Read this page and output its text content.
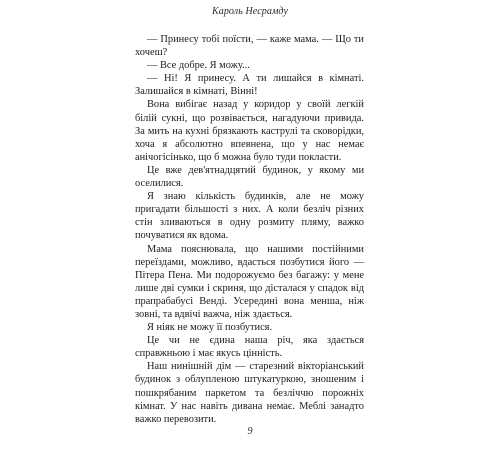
Кароль Несрамду

— Принесу тобі поїсти, — каже мама. — Що ти хочеш?

— Все добре. Я можу...

— Ні! Я принесу. А ти лишайся в кімнаті. Залишайся в кімнаті, Вінні!

Вона вибігає назад у коридор у своїй легкій білій сукні, що розвівається, нагадуючи привида. За мить на кухні брязкають каструлі та сковорідки, хоча я абсолютно впевнена, що у нас немає анічогісінько, що б можна було туди покласти.

Це вже дев'ятнадцятий будинок, у якому ми оселилися.

Я знаю кількість будинків, але не можу пригадати більшості з них. А коли безліч різних стін зливаються в одну розмиту пляму, важко почуватися як вдома.

Мама пояснювала, що нашими постійними переїздами, можливо, вдасться позбутися його — Пітера Пена. Ми подорожуємо без багажу: у мене лише дві сумки і скриня, що дісталася у спадок від прапрабабусі Венді. Усередині вона менша, ніж зовні, та вдвічі важча, ніж здається.

Я ніяк не можу її позбутися.

Це чи не єдина наша річ, яка здається справжньою і має якусь цінність.

Наш нинішній дім — старезний вікторіанський будинок з облупленою штукатуркою, зношеним і пошкрябаним паркетом та безліччю порожніх кімнат. У нас навіть дивана немає. Меблі занадто важко перевозити.

9
